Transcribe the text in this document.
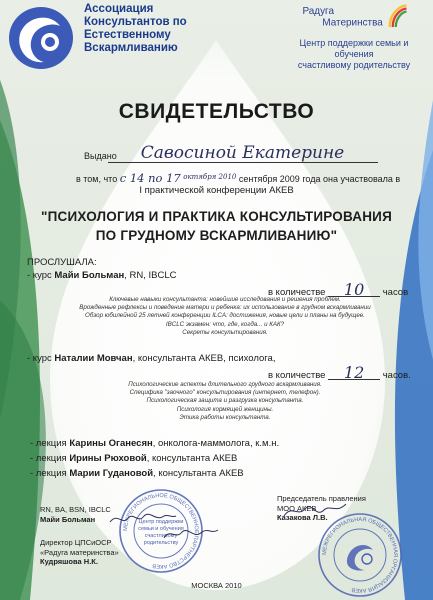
Ассоциация
Консультантов по
Естественному
Вскармливанию
Радуга
Материнства
Центр поддержки семьи и обучения
счастливому родительству
СВИДЕТЕЛЬСТВО
Выдано	Савосиной Екатерине
в том, что с 14 по 17 $^{октября 2010}$ сентября 2009 года она участвовала в
I практической конференции АКЕВ
"ПСИХОЛОГИЯ И ПРАКТИКА КОНСУЛЬТИРОВАНИЯ
ПО ГРУДНОМУ ВСКАРМЛИВАНИЮ"
ПРОСЛУШАЛА:
- курс Майи Больман, RN, IBCLC
в количестве 10 часов
Ключевые навыки консультанта: новейшие исследования и решения проблем.
Врожденные рефлексы и поведение матери и ребенка: их использование в грудном вскармливании
Обзор юбилейной 25 летней конференции ILCA: достижения, новые цели и планы на будущее.
IBCLC экзамен: что, где, когда... и КАК?
Секреты консультирования.
- курс Наталии Мовчан, консультанта АКЕВ, психолога,
в количестве 12 часов.
Психологические аспекты длительного грудного вскармливания.
Специфика "заочного" консультирования (интернет, телефон).
Психологическая защита и разгрузка консультанта.
Психология кормящей женщины.
Этика работы консультанта.
- лекция Карины Оганесян, онколога-маммолога, к.м.н.
- лекция Ирины Рюховой, консультанта АКЕВ
- лекция Марии Гудановой, консультанта АКЕВ
RN, BA, BSN, IBCLC
Майи Больман
Директор ЦПСиОСР
«Радуга материнства»
Кудряшова Н.К.
Председатель правления
МОО АКЕВ
Казакова Л.В.
МЕЖРЕГИОНАЛЬНОЕ ОБЩЕСТВЕННОЕ ПАРТНЕРСТВО АКЕВ
Центр поддержки
семьи и обучения
счастливому
родительству
МЕЖРЕГИОНАЛЬНАЯ ОБЩЕСТВЕННАЯ ОРГАНИЗАЦИЯ АКЕВ
МОСКВА 2010
